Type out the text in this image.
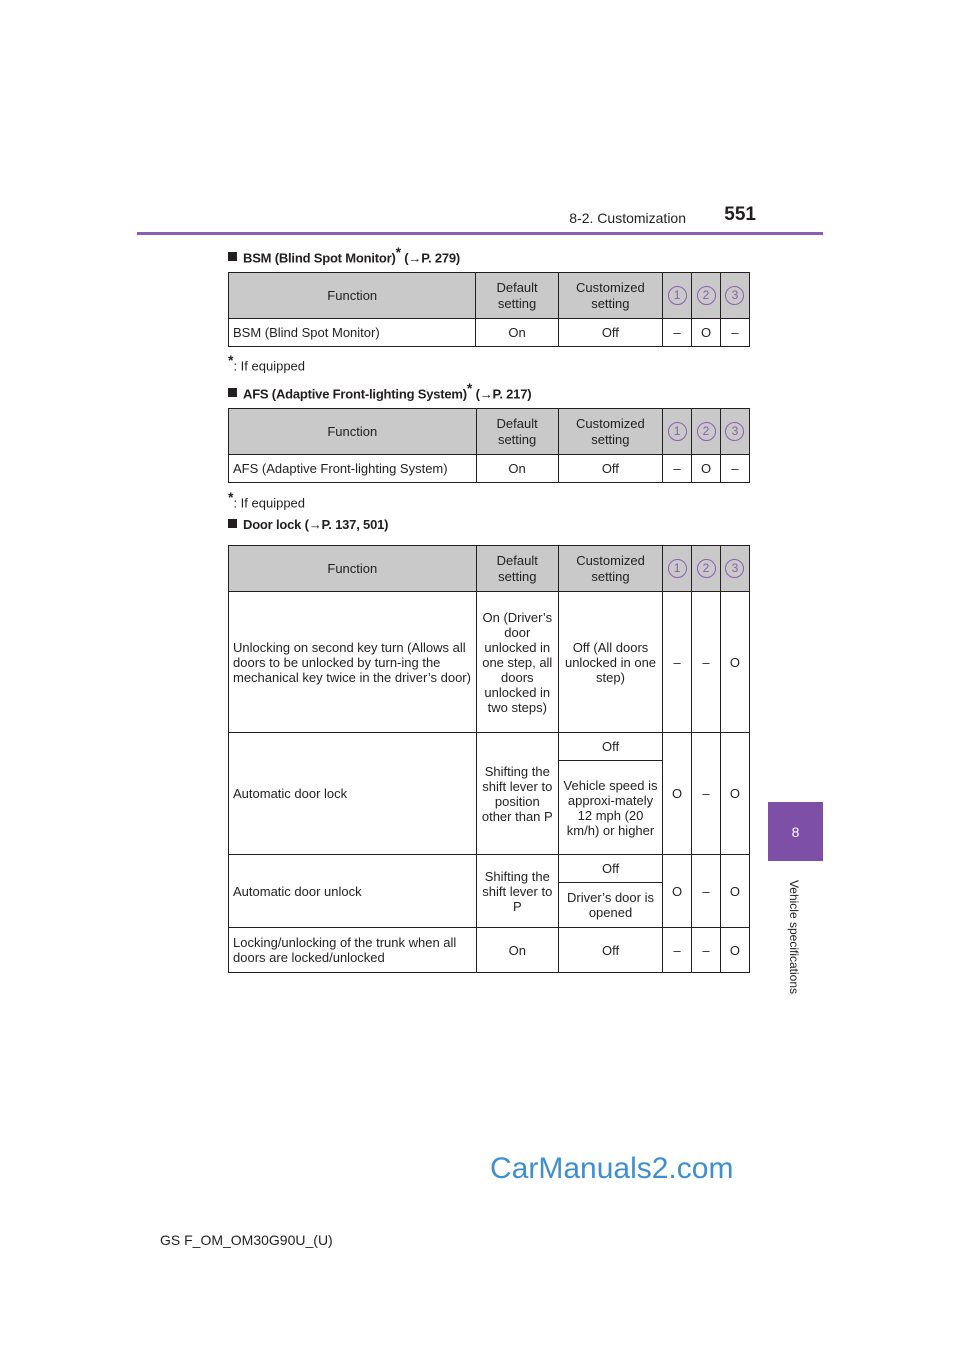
8-2. Customization 551
8
Vehicle specifications
BSM (Blind Spot Monitor)* (→P. 279)
Function	Default setting	Customized setting	1	2	3
BSM (Blind Spot Monitor)	On	Off	–	O	–
*: If equipped
AFS (Adaptive Front-lighting System)* (→P. 217)
Function	Default setting	Customized setting	1	2	3
AFS (Adaptive Front-lighting System)	On	Off	–	O	–
*: If equipped
Door lock (→P. 137, 501)
Function	Default setting	Customized setting	1	2	3
Unlocking on second key turn (Allows all doors to be unlocked by turn-ing the mechanical key twice in the driver’s door)	On (Driver’s door unlocked in one step, all doors unlocked in two steps)	Off (All doors unlocked in one step)	–	–	O
Automatic door lock	Shifting the shift lever to position other than P	Off	O	–	O
		Vehicle speed is approxi-mately 12 mph (20 km/h) or higher			
Automatic door unlock	Shifting the shift lever to P	Off	O	–	O
		Driver’s door is opened			
Locking/unlocking of the trunk when all doors are locked/unlocked	On	Off	–	–	O
CarManuals2.com
GS F_OM_OM30G90U_(U)
